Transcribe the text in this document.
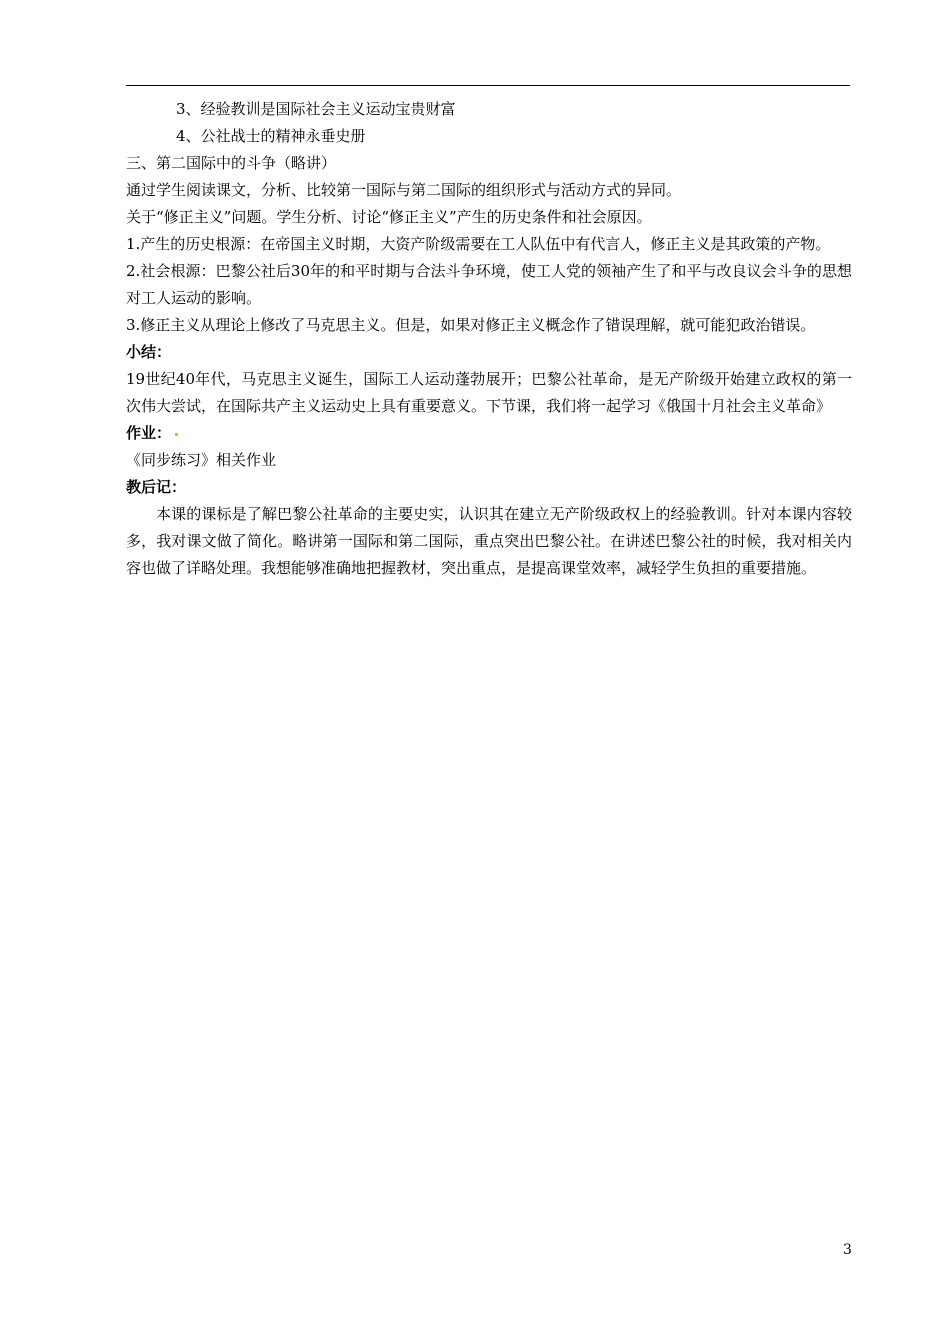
3、经验教训是国际社会主义运动宝贵财富
4、公社战士的精神永垂史册
三、第二国际中的斗争（略讲）
通过学生阅读课文，分析、比较第一国际与第二国际的组织形式与活动方式的异同。
关于“修正主义”问题。学生分析、讨论“修正主义”产生的历史条件和社会原因。
1.产生的历史根源：在帝国主义时期，大资产阶级需要在工人队伍中有代言人，修正主义是其政策的产物。
2.社会根源：巴黎公社后30年的和平时期与合法斗争环境，使工人党的领袖产生了和平与改良议会斗争的思想对工人运动的影响。
3.修正主义从理论上修改了马克思主义。但是，如果对修正主义概念作了错误理解，就可能犯政治错误。
小结：
19世纪40年代，马克思主义诞生，国际工人运动蓬勃展开；巴黎公社革命，是无产阶级开始建立政权的第一次伟大尝试，在国际共产主义运动史上具有重要意义。下节课，我们将一起学习《俄国十月社会主义革命》
作业：
《同步练习》相关作业
教后记：
本课的课标是了解巴黎公社革命的主要史实，认识其在建立无产阶级政权上的经验教训。针对本课内容较多，我对课文做了简化。略讲第一国际和第二国际，重点突出巴黎公社。在讲述巴黎公社的时候，我对相关内容也做了详略处理。我想能够准确地把握教材，突出重点，是提高课堂效率，减轻学生负担的重要措施。
3
